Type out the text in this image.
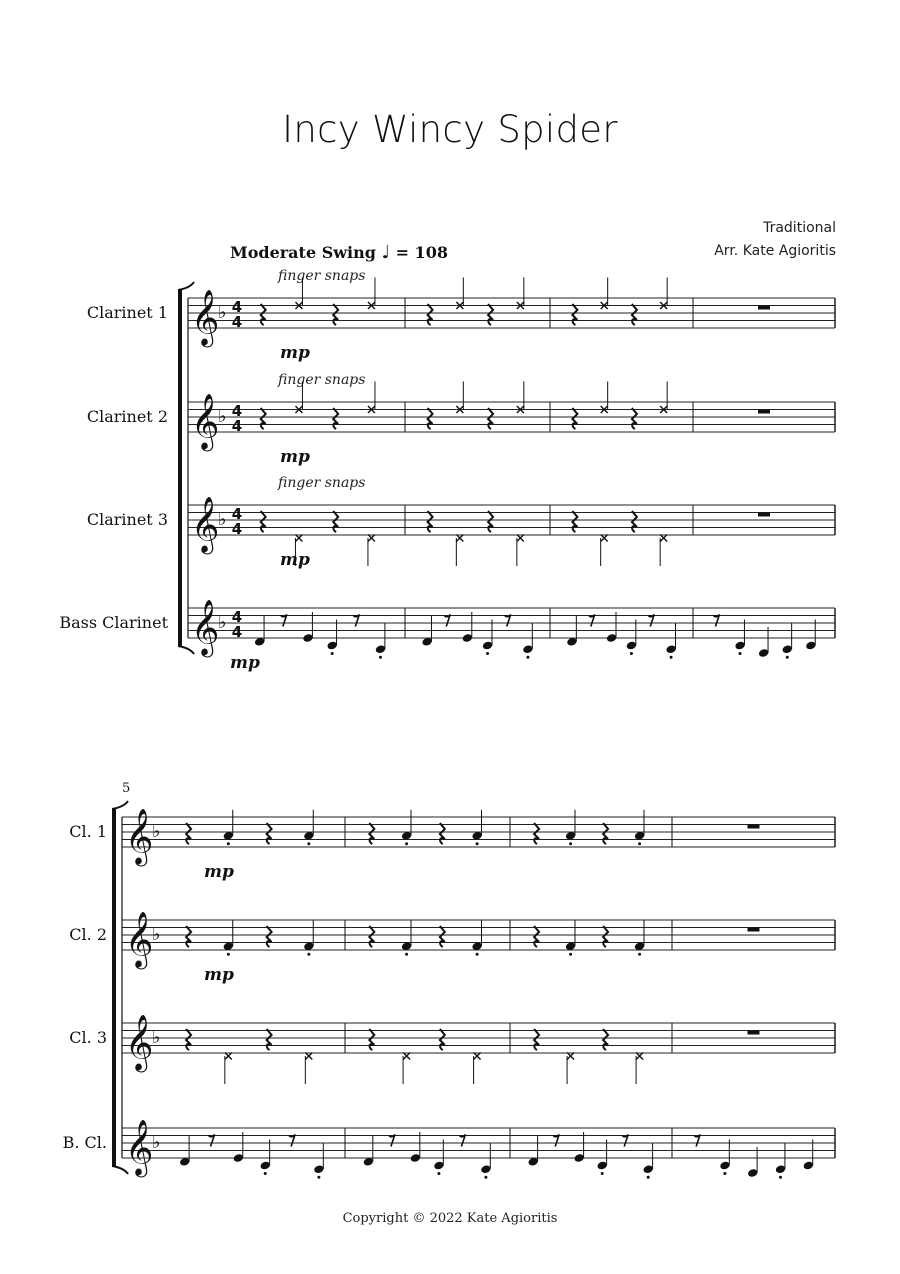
Incy Wincy Spider
Traditional
Arr. Kate Agioritis
Moderate Swing ♩ = 108
Clarinet 1
finger snaps
𝄞
♭ 4
4
mp
Clarinet 2
finger snaps
𝄞
♭ 4
4
mp
Clarinet 3
finger snaps
𝄞
♭ 4
4
mp
Bass Clarinet 𝄞
♭ 4
4
mp
5
Cl. 1 𝄞
♭
mp
Cl. 2 𝄞
♭
mp
Cl. 3 𝄞
♭
B. Cl. 𝄞
♭
Copyright © 2022 Kate Agioritis
